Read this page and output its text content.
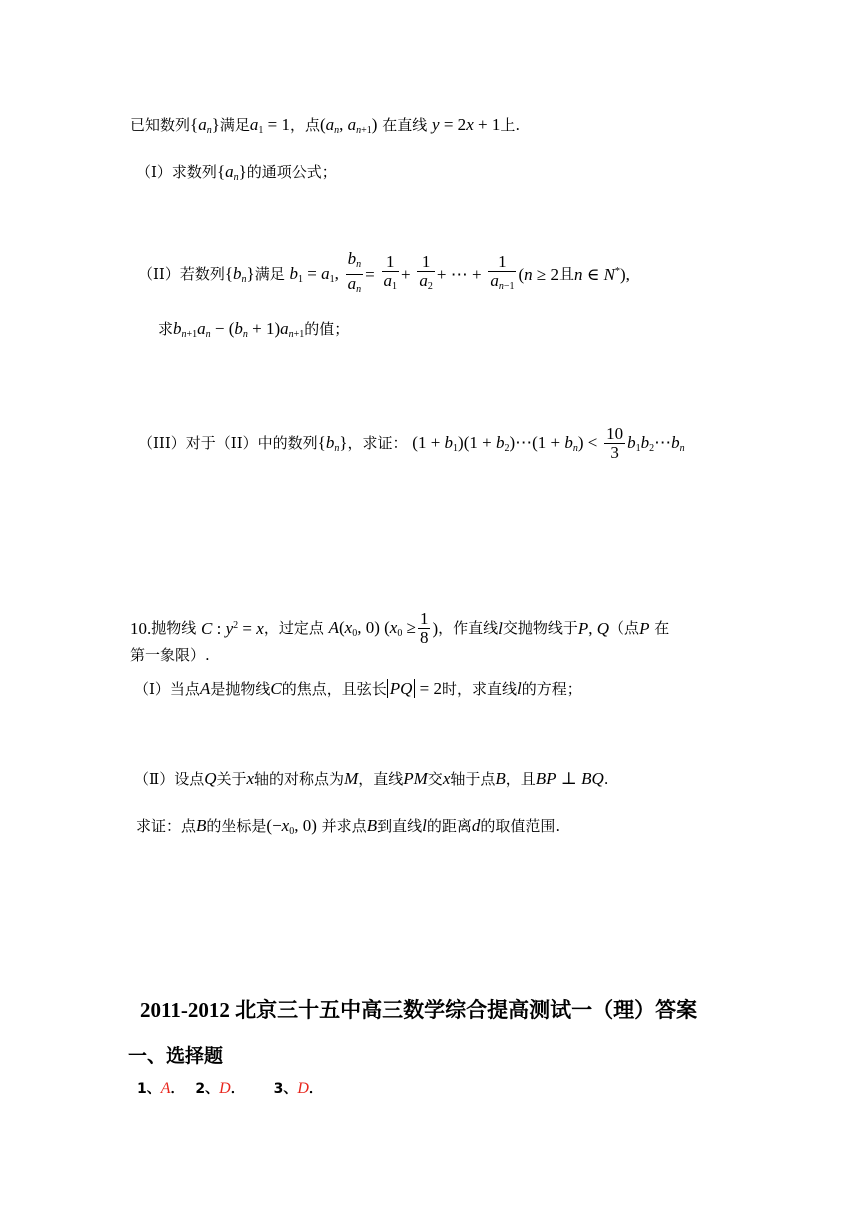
已知数列$\{a_n\}$满足$a_1 = 1$，点($a_n$, $a_{n+1}$) 在直线 y = 2x + 1上.
（I）求数列$\{a_n\}$的通项公式；
（II）若数列$\{b_n\}$满足 $b_1 = a_1$, $\frac{b_n}{a_n} = \frac{1}{a_1} + \frac{1}{a_2}$ + ⋯ + $\frac{1}{a_{n-1}} (n \ge 2$且n ∈ N*),
求$b_{n+1}a_n - (b_n + 1)a_{n+1}$的值；
（III）对于（II）中的数列$\{b_n\}$，求证： $(1 + b_1)(1$ + $b_2)\cdots(1 + b_n) < \frac{10}{3}$ $b_1b_2\cdots b_n$
10.抛物线 C : $y^2 = x$，过定点 $A(x_0$, 0) ($x_0 \ge \frac{1}{8}$ )，作直线l交抛物线于P, Q（点P 在
第一象限）.
（Ⅰ）当点A是抛物线C的焦点，且弦长 PQ = 2时，求直线l的方程；
（Ⅱ）设点Q关于x轴的对称点为M，直线PM交x轴于点B，且BP ⊥ BQ.
求证：点B的坐标是($-x_0$, 0) 并求点B到直线l的距离d的取值范围.
2011-2012 北京三十五中高三数学综合提高测试一（理）答案
一、选择题
1、A． 2、D． 3、D．
